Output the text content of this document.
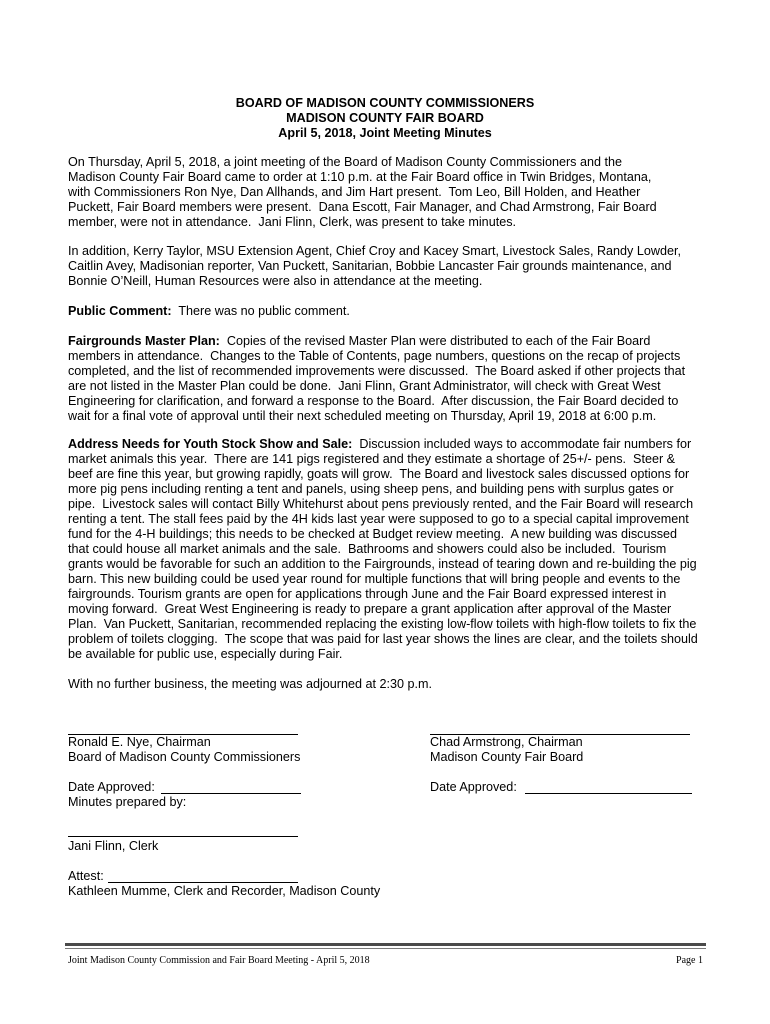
BOARD OF MADISON COUNTY COMMISSIONERS
MADISON COUNTY FAIR BOARD
April 5, 2018, Joint Meeting Minutes
On Thursday, April 5, 2018, a joint meeting of the Board of Madison County Commissioners and the
Madison County Fair Board came to order at 1:10 p.m. at the Fair Board office in Twin Bridges, Montana,
with Commissioners Ron Nye, Dan Allhands, and Jim Hart present.  Tom Leo, Bill Holden, and Heather
Puckett, Fair Board members were present.  Dana Escott, Fair Manager, and Chad Armstrong, Fair Board
member, were not in attendance.  Jani Flinn, Clerk, was present to take minutes.
In addition, Kerry Taylor, MSU Extension Agent, Chief Croy and Kacey Smart, Livestock Sales, Randy Lowder,
Caitlin Avey, Madisonian reporter, Van Puckett, Sanitarian, Bobbie Lancaster Fair grounds maintenance, and
Bonnie O’Neill, Human Resources were also in attendance at the meeting.
Public Comment:  There was no public comment.
Fairgrounds Master Plan:  Copies of the revised Master Plan were distributed to each of the Fair Board
members in attendance.  Changes to the Table of Contents, page numbers, questions on the recap of projects
completed, and the list of recommended improvements were discussed.  The Board asked if other projects that
are not listed in the Master Plan could be done.  Jani Flinn, Grant Administrator, will check with Great West
Engineering for clarification, and forward a response to the Board.  After discussion, the Fair Board decided to
wait for a final vote of approval until their next scheduled meeting on Thursday, April 19, 2018 at 6:00 p.m.
Address Needs for Youth Stock Show and Sale:  Discussion included ways to accommodate fair numbers for
market animals this year.  There are 141 pigs registered and they estimate a shortage of 25+/- pens.  Steer &
beef are fine this year, but growing rapidly, goats will grow.  The Board and livestock sales discussed options for
more pig pens including renting a tent and panels, using sheep pens, and building pens with surplus gates or
pipe.  Livestock sales will contact Billy Whitehurst about pens previously rented, and the Fair Board will research
renting a tent. The stall fees paid by the 4H kids last year were supposed to go to a special capital improvement
fund for the 4-H buildings; this needs to be checked at Budget review meeting.  A new building was discussed
that could house all market animals and the sale.  Bathrooms and showers could also be included.  Tourism
grants would be favorable for such an addition to the Fairgrounds, instead of tearing down and re-building the pig
barn. This new building could be used year round for multiple functions that will bring people and events to the
fairgrounds. Tourism grants are open for applications through June and the Fair Board expressed interest in
moving forward.  Great West Engineering is ready to prepare a grant application after approval of the Master
Plan.  Van Puckett, Sanitarian, recommended replacing the existing low-flow toilets with high-flow toilets to fix the
problem of toilets clogging.  The scope that was paid for last year shows the lines are clear, and the toilets should
be available for public use, especially during Fair.
With no further business, the meeting was adjourned at 2:30 p.m.
Ronald E. Nye, Chairman
Board of Madison County Commissioners
Chad Armstrong, Chairman
Madison County Fair Board
Date Approved:	Date Approved:
Minutes prepared by:
Jani Flinn, Clerk
Attest:
Kathleen Mumme, Clerk and Recorder, Madison County
Joint Madison County Commission and Fair Board Meeting - April 5, 2018	Page 1
